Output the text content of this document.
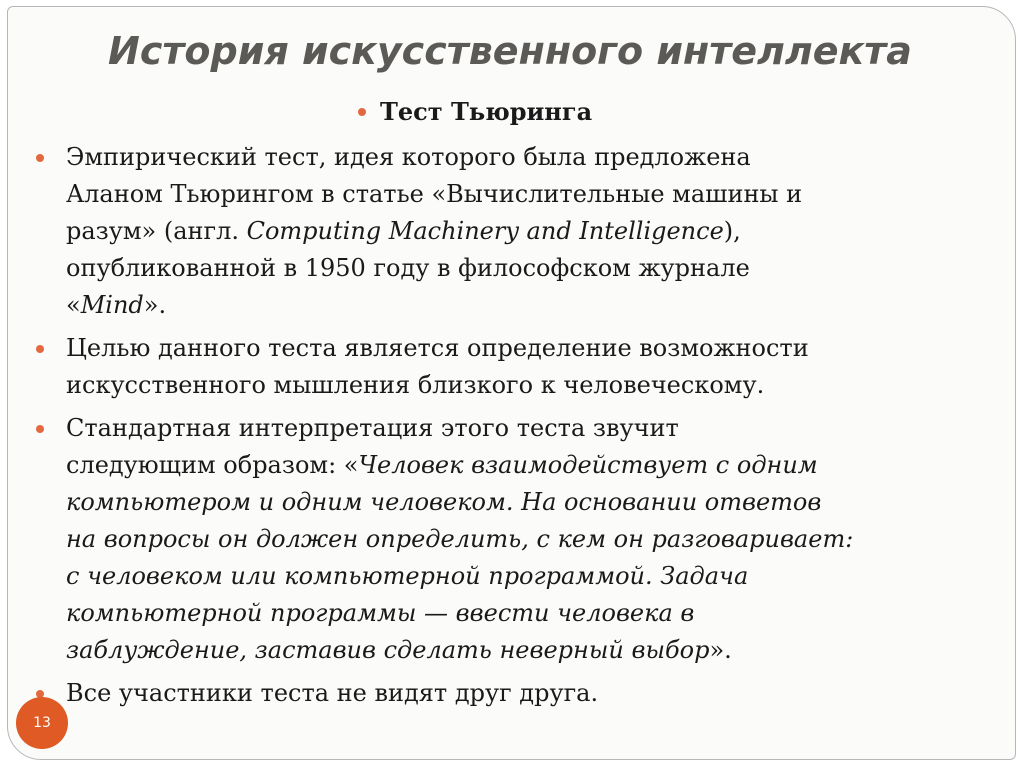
История искусственного интеллекта
Тест Тьюринга
Эмпирический тест, идея которого была предложена
Аланом Тьюрингом в статье «Вычислительные машины и
разум» (англ. Computing Machinery and Intelligence),
опубликованной в 1950 году в философском журнале
«Mind».
Целью данного теста является определение возможности
искусственного мышления близкого к человеческому.
Стандартная интерпретация этого теста звучит
следующим образом: «Человек взаимодействует с одним
компьютером и одним человеком. На основании ответов
на вопросы он должен определить, с кем он разговаривает:
с человеком или компьютерной программой. Задача
компьютерной программы — ввести человека в
заблуждение, заставив сделать неверный выбор».
Все участники теста не видят друг друга.
13
